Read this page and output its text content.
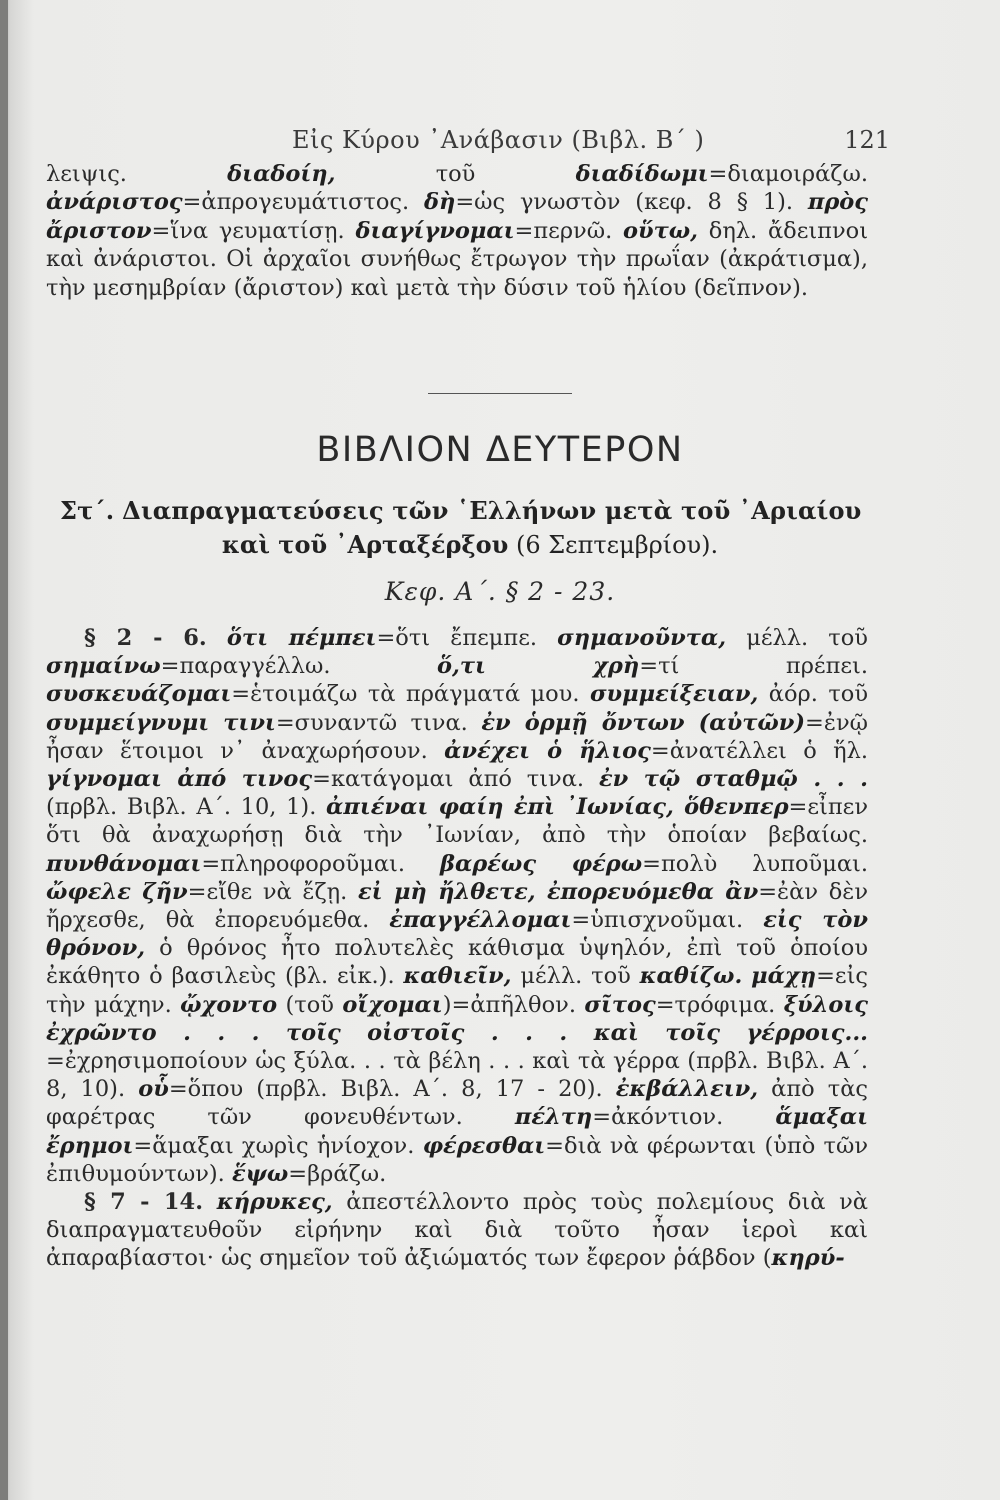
Εἰς Κύρου ᾿Ανάβασιν (Βιβλ. Β΄ )	121

λειψις. διαδοίη, τοῦ διαδίδωμι=διαμοιράζω. ἀνάριστος=ἀπρογευμάτιστος. δὴ=ὡς γνωστὸν (κεφ. 8 § 1). πρὸς ἄριστον=ἵνα γευματίσῃ. διαγίγνομαι=περνῶ. οὕτω, δηλ. ἄδειπνοι καὶ ἀνάριστοι. Οἱ ἀρχαῖοι συνήθως ἔτρωγον τὴν πρωΐαν (ἀκράτισμα), τὴν μεσημβρίαν (ἄριστον) καὶ μετὰ τὴν δύσιν τοῦ ἡλίου (δεῖπνον).

ΒΙΒΛΙΟΝ ΔΕΥΤΕΡΟΝ
Στ΄. Διαπραγματεύσεις τῶν ῾Ελλήνων μετὰ τοῦ ᾿Αριαίου
καὶ τοῦ ᾿Αρταξέρξου (6 Σεπτεμβρίου).
Κεφ. Α΄. § 2 - 23.

§ 2 - 6. ὅτι πέμπει=ὅτι ἔπεμπε. σημανοῦντα, μέλλ. τοῦ σημαίνω=παραγγέλλω. ὅ,τι χρὴ=τί πρέπει. συσκευάζομαι=ἑτοιμάζω τὰ πράγματά μου. συμμείξειαν, ἀόρ. τοῦ συμμείγνυμι τινι=συναντῶ τινα. ἐν ὁρμῇ ὄντων (αὐτῶν)=ἐνῷ ἦσαν ἕτοιμοι ν᾿ ἀναχωρήσουν. ἀνέχει ὁ ἥλιος=ἀνατέλλει ὁ ἥλ. γίγνομαι ἀπό τινος=κατάγομαι ἀπό τινα. ἐν τῷ σταθμῷ . . . (πρβλ. Βιβλ. Α΄. 10, 1). ἀπιέναι φαίη ἐπὶ ᾿Ιωνίας, ὅθενπερ=εἶπεν ὅτι θὰ ἀναχωρήσῃ διὰ τὴν ᾿Ιωνίαν, ἀπὸ τὴν ὁποίαν βεβαίως. πυνθάνομαι=πληροφοροῦμαι. βαρέως φέρω=πολὺ λυποῦμαι. ὤφελε ζῆν=εἴθε νὰ ἔζῃ. εἰ μὴ ἤλθετε, ἐπορευόμεθα ἂν=ἐὰν δὲν ἤρχεσθε, θὰ ἐπορευόμεθα. ἐπαγγέλλομαι=ὑπισχνοῦμαι. εἰς τὸν θρόνον, ὁ θρόνος ἦτο πολυτελὲς κάθισμα ὑψηλόν, ἐπὶ τοῦ ὁποίου ἐκάθητο ὁ βασιλεὺς (βλ. εἰκ.). καθιεῖν, μέλλ. τοῦ καθίζω. μάχῃ=εἰς τὴν μάχην. ᾤχοντο (τοῦ οἴχομαι)=ἀπῆλθον. σῖτος=τρόφιμα. ξύλοις ἐχρῶντο . . . τοῖς οἰστοῖς . . . καὶ τοῖς γέρροις... =ἐχρησιμοποίουν ὡς ξύλα. . . τὰ βέλη . . . καὶ τὰ γέρρα (πρβλ. Βιβλ. Α΄. 8, 10). οὗ=ὅπου (πρβλ. Βιβλ. Α΄. 8, 17 - 20). ἐκβάλλειν, ἀπὸ τὰς φαρέτρας τῶν φονευθέντων. πέλτη=ἀκόντιον. ἅμαξαι ἔρημοι=ἅμαξαι χωρὶς ἡνίοχον. φέρεσθαι=διὰ νὰ φέρωνται (ὑπὸ τῶν ἐπιθυμούντων). ἕψω=βράζω.

§ 7 - 14. κήρυκες, ἀπεστέλλοντο πρὸς τοὺς πολεμίους διὰ νὰ διαπραγματευθοῦν εἰρήνην καὶ διὰ τοῦτο ἦσαν ἱεροὶ καὶ ἀπαραβίαστοι· ὡς σημεῖον τοῦ ἀξιώματός των ἔφερον ῥάβδον (κηρύ-
